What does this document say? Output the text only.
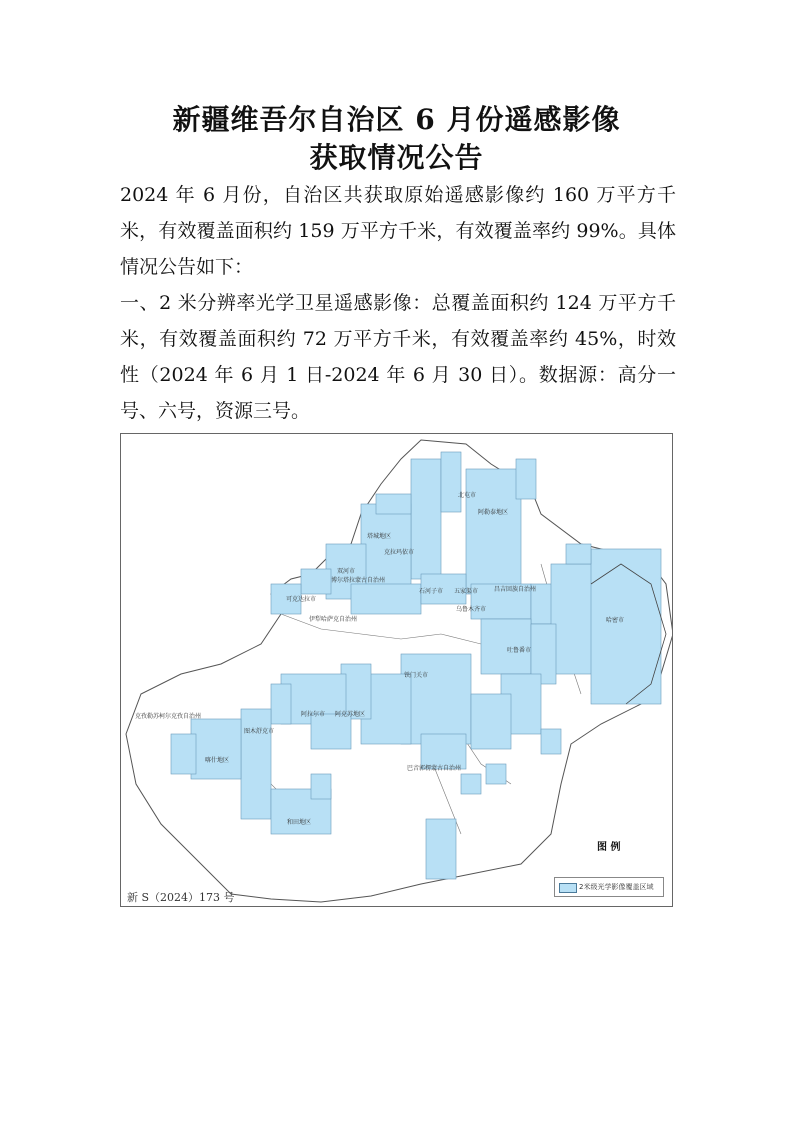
新疆维吾尔自治区 6 月份遥感影像
获取情况公告
2024 年 6 月份，自治区共获取原始遥感影像约 160 万平方千米，有效覆盖面积约 159 万平方千米，有效覆盖率约 99%。具体情况公告如下：
一、2 米分辨率光学卫星遥感影像：总覆盖面积约 124 万平方千米，有效覆盖面积约 72 万平方千米，有效覆盖率约 45%，时效性（2024 年 6 月 1 日-2024 年 6 月 30 日）。数据源：高分一号、六号，资源三号。
北屯市
阿勒泰地区
塔城地区
克拉玛依市
双河市
博尔塔拉蒙古自治州
石河子市 五家渠市	昌吉回族自治州
可克达拉市
伊犁哈萨克自治州
乌鲁木齐市
哈密市
吐鲁番市
铁门关市
克孜勒苏柯尔克孜自治州	阿拉尔市 阿克苏地区
图木舒克市
喀什地区
巴音郭楞蒙古自治州
和田地区
图 例
2米级光学影像覆盖区域
新 S（2024）173 号
